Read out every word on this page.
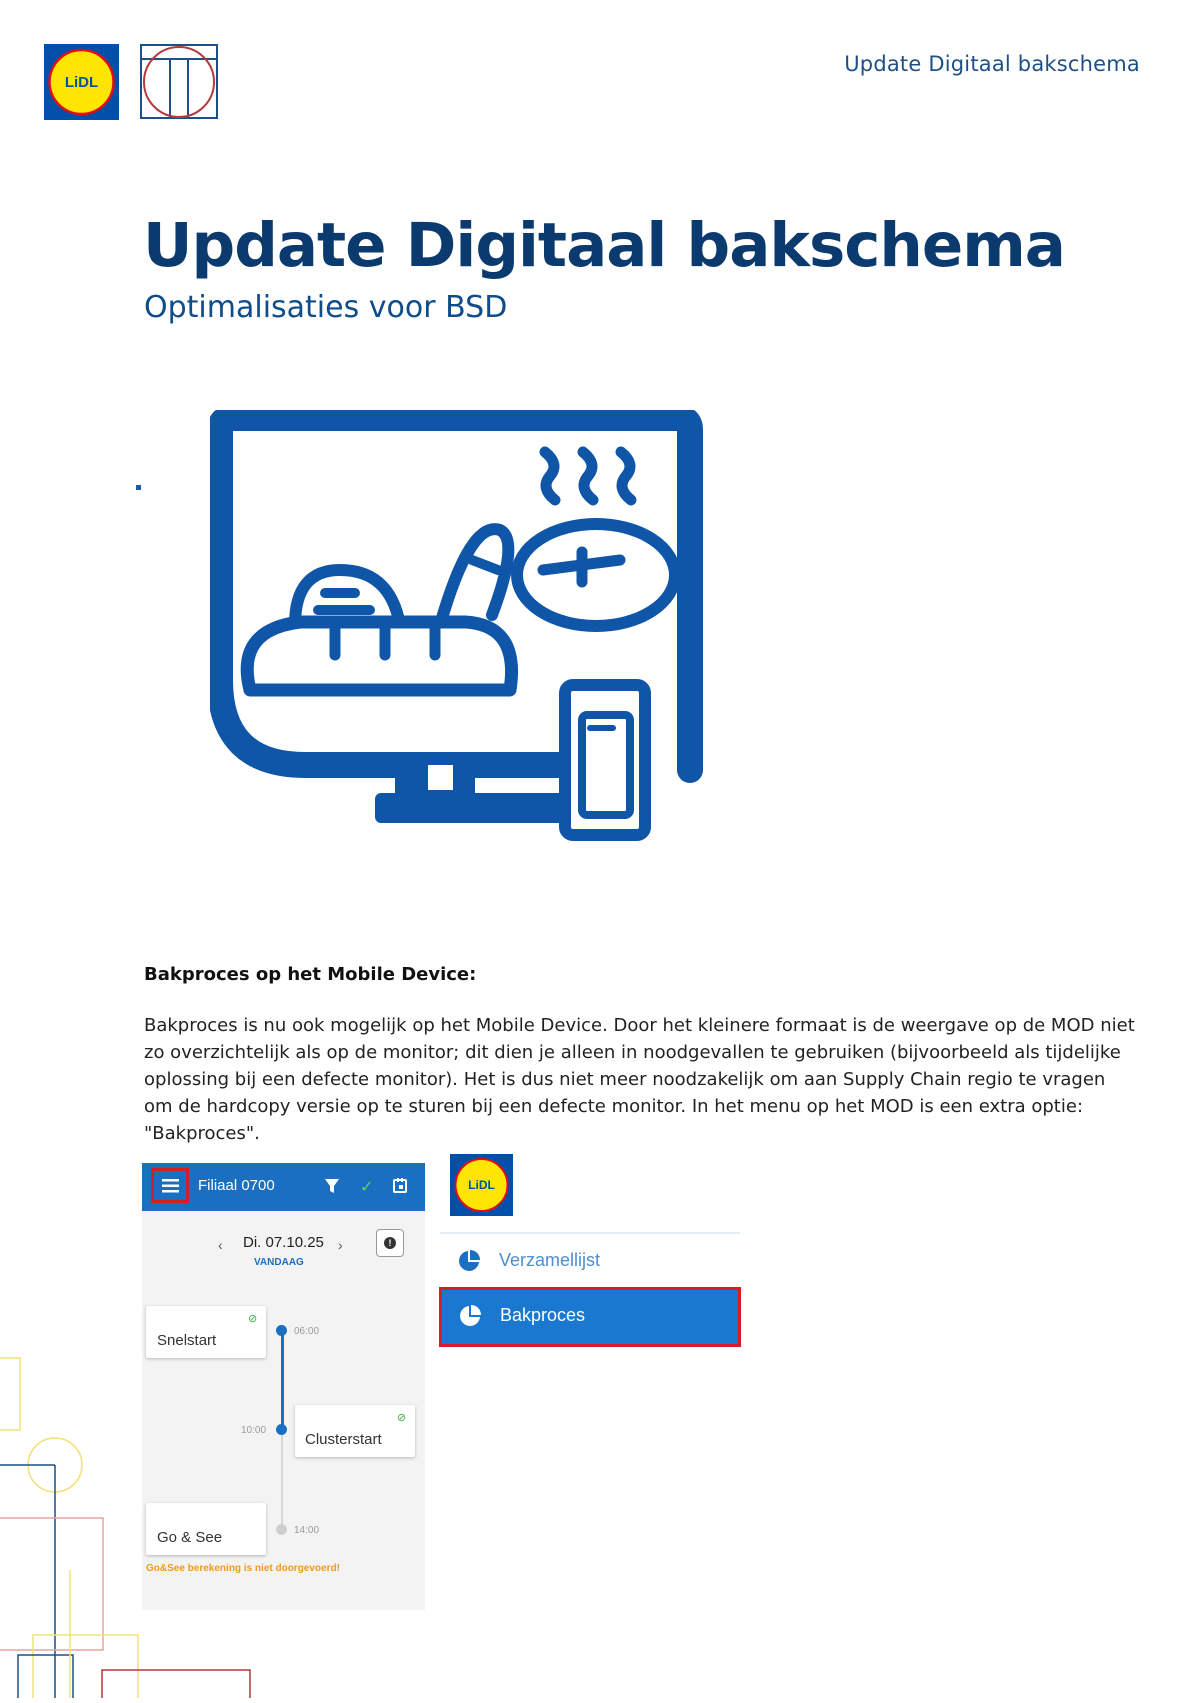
LiDL
Update Digitaal bakschema
Update Digitaal bakschema
Optimalisaties voor BSD
Bakproces op het Mobile Device:
Bakproces is nu ook mogelijk op het Mobile Device. Door het kleinere formaat is de weergave op de MOD niet zo overzichtelijk als op de monitor; dit dien je alleen in noodgevallen te gebruiken (bijvoorbeeld als tijdelijke oplossing bij een defecte monitor). Het is dus niet meer noodzakelijk om aan Supply Chain regio te vragen om de hardcopy versie op te sturen bij een defecte monitor. In het menu op het MOD is een extra optie: "Bakproces".
Filiaal 0700	✓
‹ Di. 07.10.25 ›
VANDAAG
!
Snelstart
⊘
06:00
10:00
Clusterstart
⊘
Go & See	14:00
Go&See berekening is niet doorgevoerd!
LiDL
Verzamellijst
Bakproces
